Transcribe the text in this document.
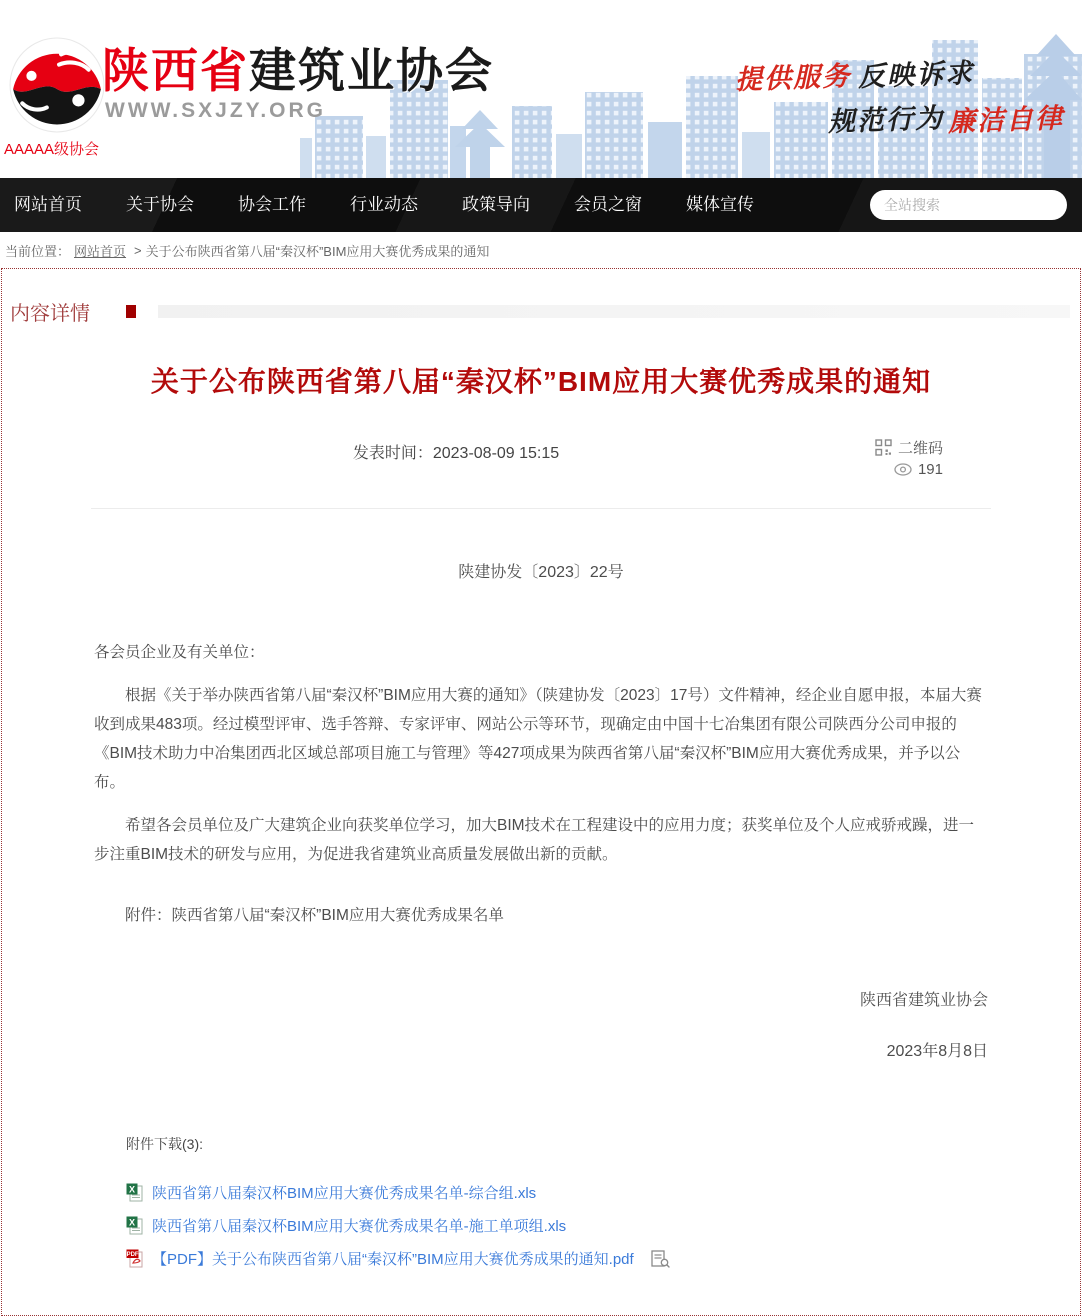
陕西省建筑业协会
WWW.SXJZY.ORG
AAAAA级协会
提供服务 反映诉求
规范行为 廉洁自律
网站首页	关于协会	协会工作	行业动态	政策导向	会员之窗	媒体宣传
全站搜索
当前位置： 网站首页 > 关于公布陕西省第八届“秦汉杯”BIM应用大赛优秀成果的通知
内容详情
关于公布陕西省第八届“秦汉杯”BIM应用大赛优秀成果的通知
发表时间：2023-08-09 15:15	二维码
191
陕建协发〔2023〕22号

各会员企业及有关单位：

根据《关于举办陕西省第八届“秦汉杯”BIM应用大赛的通知》（陕建协发〔2023〕17号）文件精神，经企业自愿申报，本届大赛收到成果483项。经过模型评审、选手答辩、专家评审、网站公示等环节，现确定由中国十七冶集团有限公司陕西分公司申报的《BIM技术助力中冶集团西北区域总部项目施工与管理》等427项成果为陕西省第八届“秦汉杯”BIM应用大赛优秀成果，并予以公布。

希望各会员单位及广大建筑企业向获奖单位学习，加大BIM技术在工程建设中的应用力度；获奖单位及个人应戒骄戒躁，进一步注重BIM技术的研发与应用，为促进我省建筑业高质量发展做出新的贡献。

附件：陕西省第八届“秦汉杯”BIM应用大赛优秀成果名单

陕西省建筑业协会

2023年8月8日

附件下载(3):
X 陕西省第八届秦汉杯BIM应用大赛优秀成果名单-综合组.xls
X 陕西省第八届秦汉杯BIM应用大赛优秀成果名单-施工单项组.xls
PDF 【PDF】关于公布陕西省第八届“秦汉杯”BIM应用大赛优秀成果的通知.pdf
